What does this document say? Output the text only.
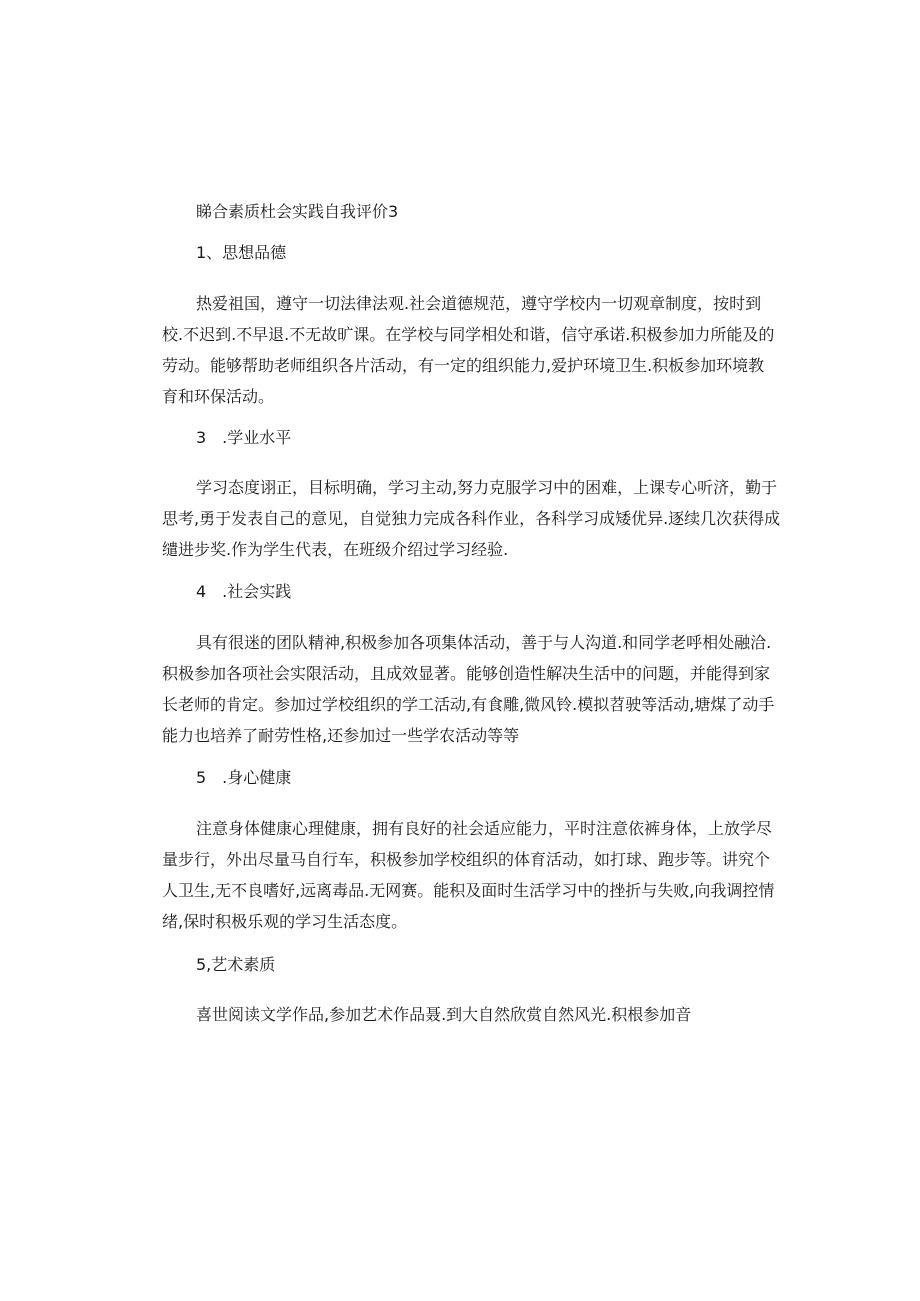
睇合素质杜会实践自我评价3
1、思想品德
热爱祖国，遵守一切法律法观.社会道德规范，遵守学校内一切观章制度，按时到
校.不迟到.不早退.不无故旷课。在学校与同学相处和谐，信守承诺.积极参加力所能及的
劳动。能够帮助老师组织各片活动，有一定的组织能力,爱护环境卫生.积板参加环境教
育和环保活动。
3　.学业水平
学习态度诩正，目标明确，学习主动,努力克服学习中的困难，上课专心听济，勤于
思考,勇于发表自己的意见，自觉独力完成各科作业，各科学习成矮优异.逐续几次获得成
缱进步奖.作为学生代表，在班级介绍过学习经验.
4　.社会实践
具有很迷的团队精神,积极参加各项集体活动，善于与人沟道.和同学老呼相处融洽.
积极参加各项社会实限活动，且成效显著。能够创造性解决生活中的问题，并能得到家
长老师的肯定。参加过学校组织的学工活动,有食雕,微风铃.模拟苕驶等活动,塘煤了动手
能力也培养了耐劳性格,还参加过一些学农活动等等
5　.身心健康
注意身体健康心理健康，拥有良好的社会适应能力，平时注意依裤身体，上放学尽
量步行，外出尽量马自行车，积极参加学校组织的体育活动，如打球、跑步等。讲究个
人卫生,无不良嗜好,远离毒品.无网赛。能积及面时生活学习中的挫折与失败,向我调控情
绪,保时积极乐观的学习生活态度。
5,艺术素质
喜世阅读文学作品,参加艺术作品聂.到大自然欣赏自然风光.积根参加音
